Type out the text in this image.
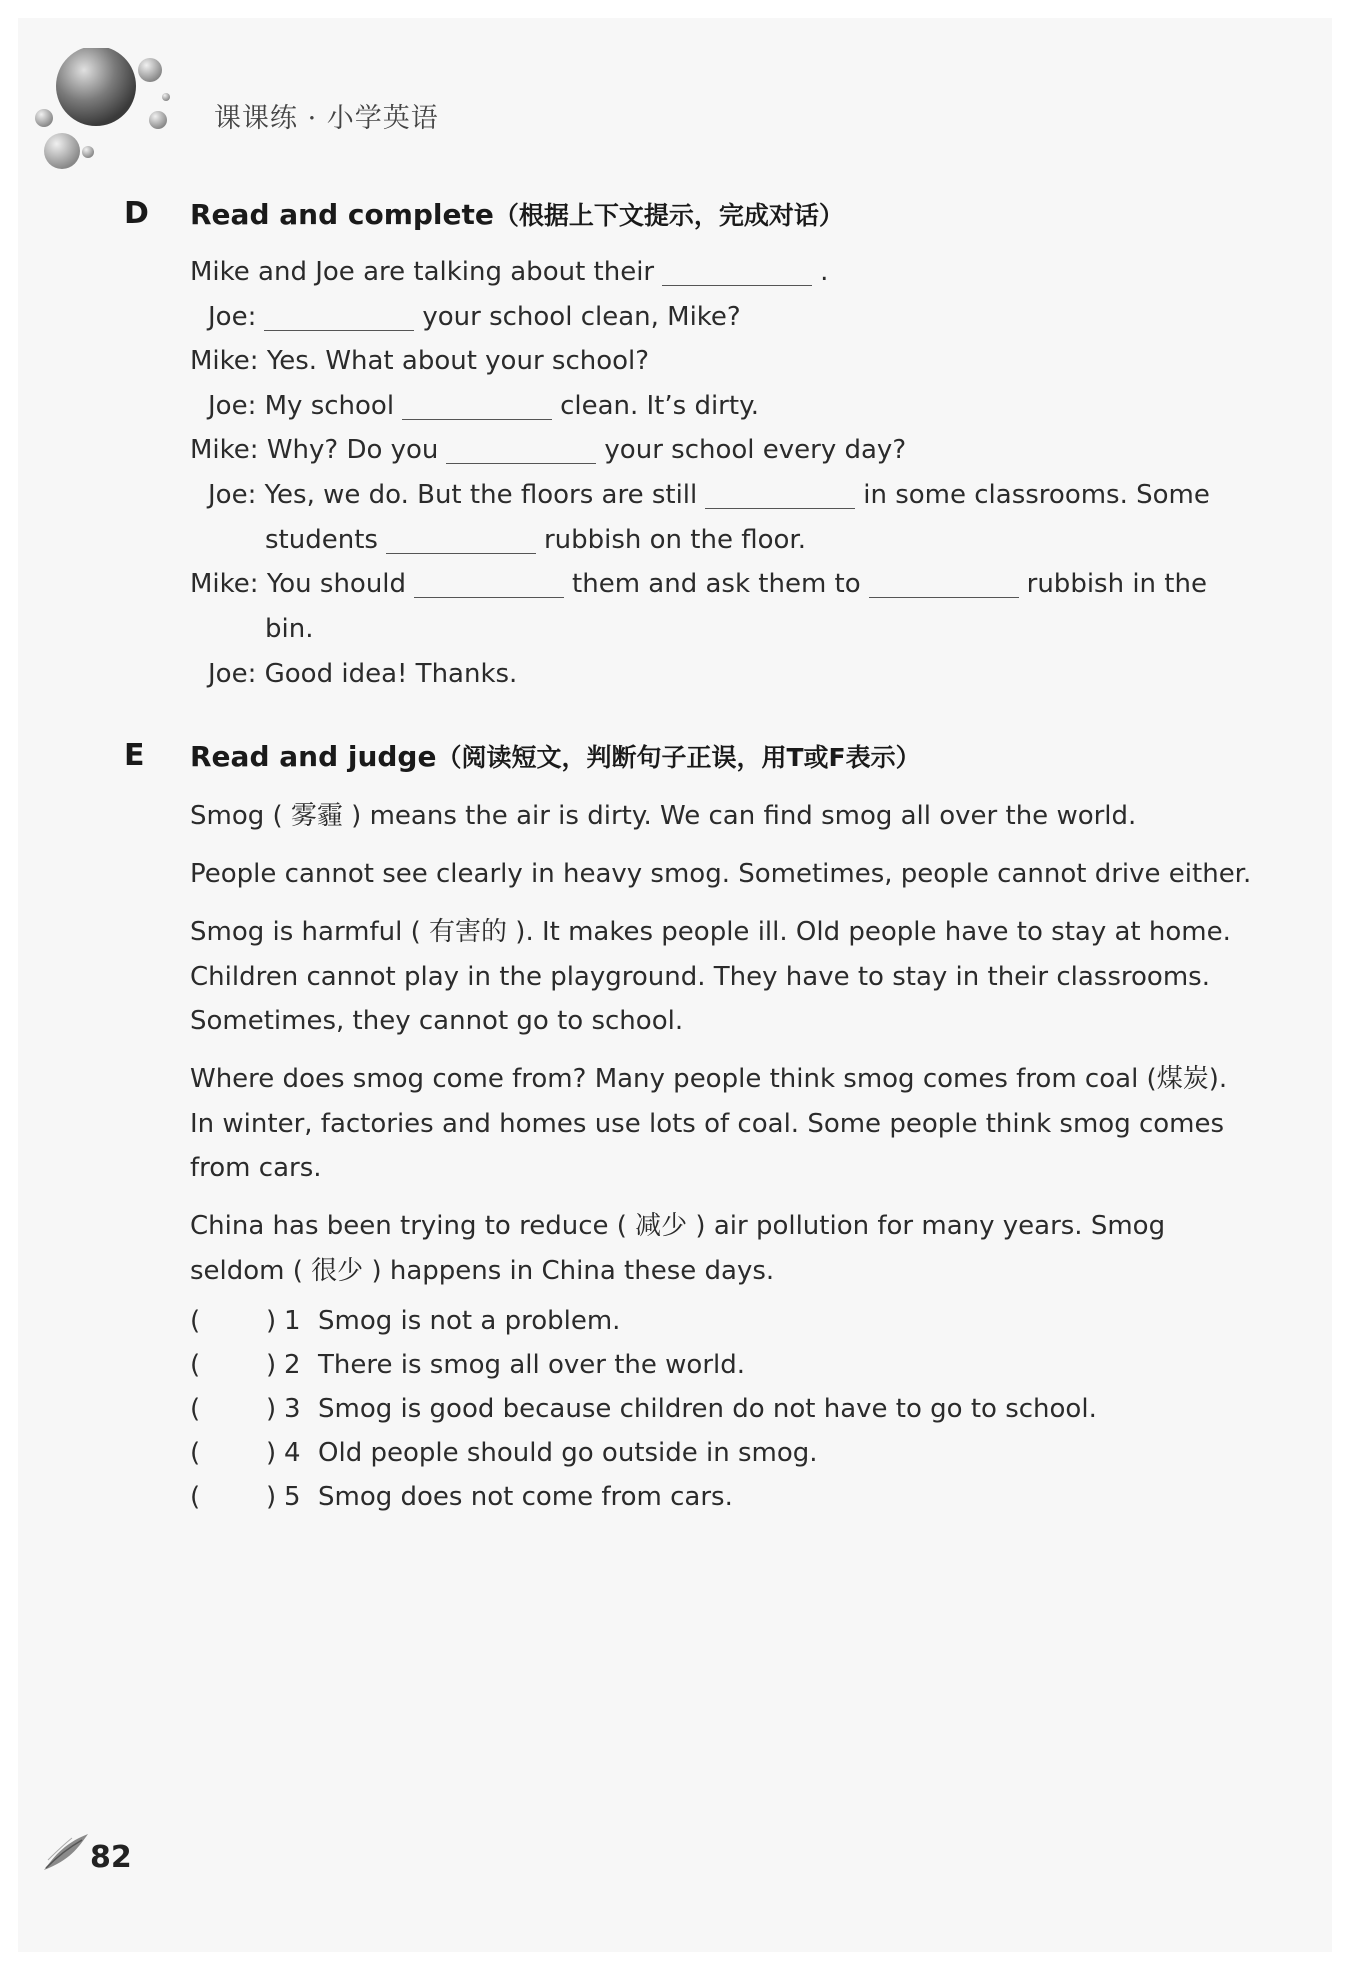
课课练 · 小学英语
D Read and complete（根据上下文提示，完成对话）
Mike and Joe are talking about their	.
Joe:	your school clean, Mike?
Mike: Yes. What about your school?
Joe: My school	clean. It’s dirty.
Mike: Why? Do you	your school every day?
Joe: Yes, we do. But the floors are still	in some classrooms. Some
students	rubbish on the floor.
Mike: You should	them and ask them to	rubbish in the
bin.
Joe: Good idea! Thanks.
E Read and judge（阅读短文，判断句子正误，用T或F表示）
Smog ( 雾霾 ) means the air is dirty. We can find smog all over the world.
People cannot see clearly in heavy smog. Sometimes, people cannot drive either.
Smog is harmful ( 有害的 ). It makes people ill. Old people have to stay at home.
Children cannot play in the playground. They have to stay in their classrooms.
Sometimes, they cannot go to school.
Where does smog come from? Many people think smog comes from coal (煤炭).
In winter, factories and homes use lots of coal. Some people think smog comes
from cars.
China has been trying to reduce ( 减少 ) air pollution for many years. Smog
seldom ( 很少 ) happens in China these days.
(	) 1 Smog is not a problem.
(	) 2 There is smog all over the world.
(	) 3 Smog is good because children do not have to go to school.
(	) 4 Old people should go outside in smog.
(	) 5 Smog does not come from cars.
82
